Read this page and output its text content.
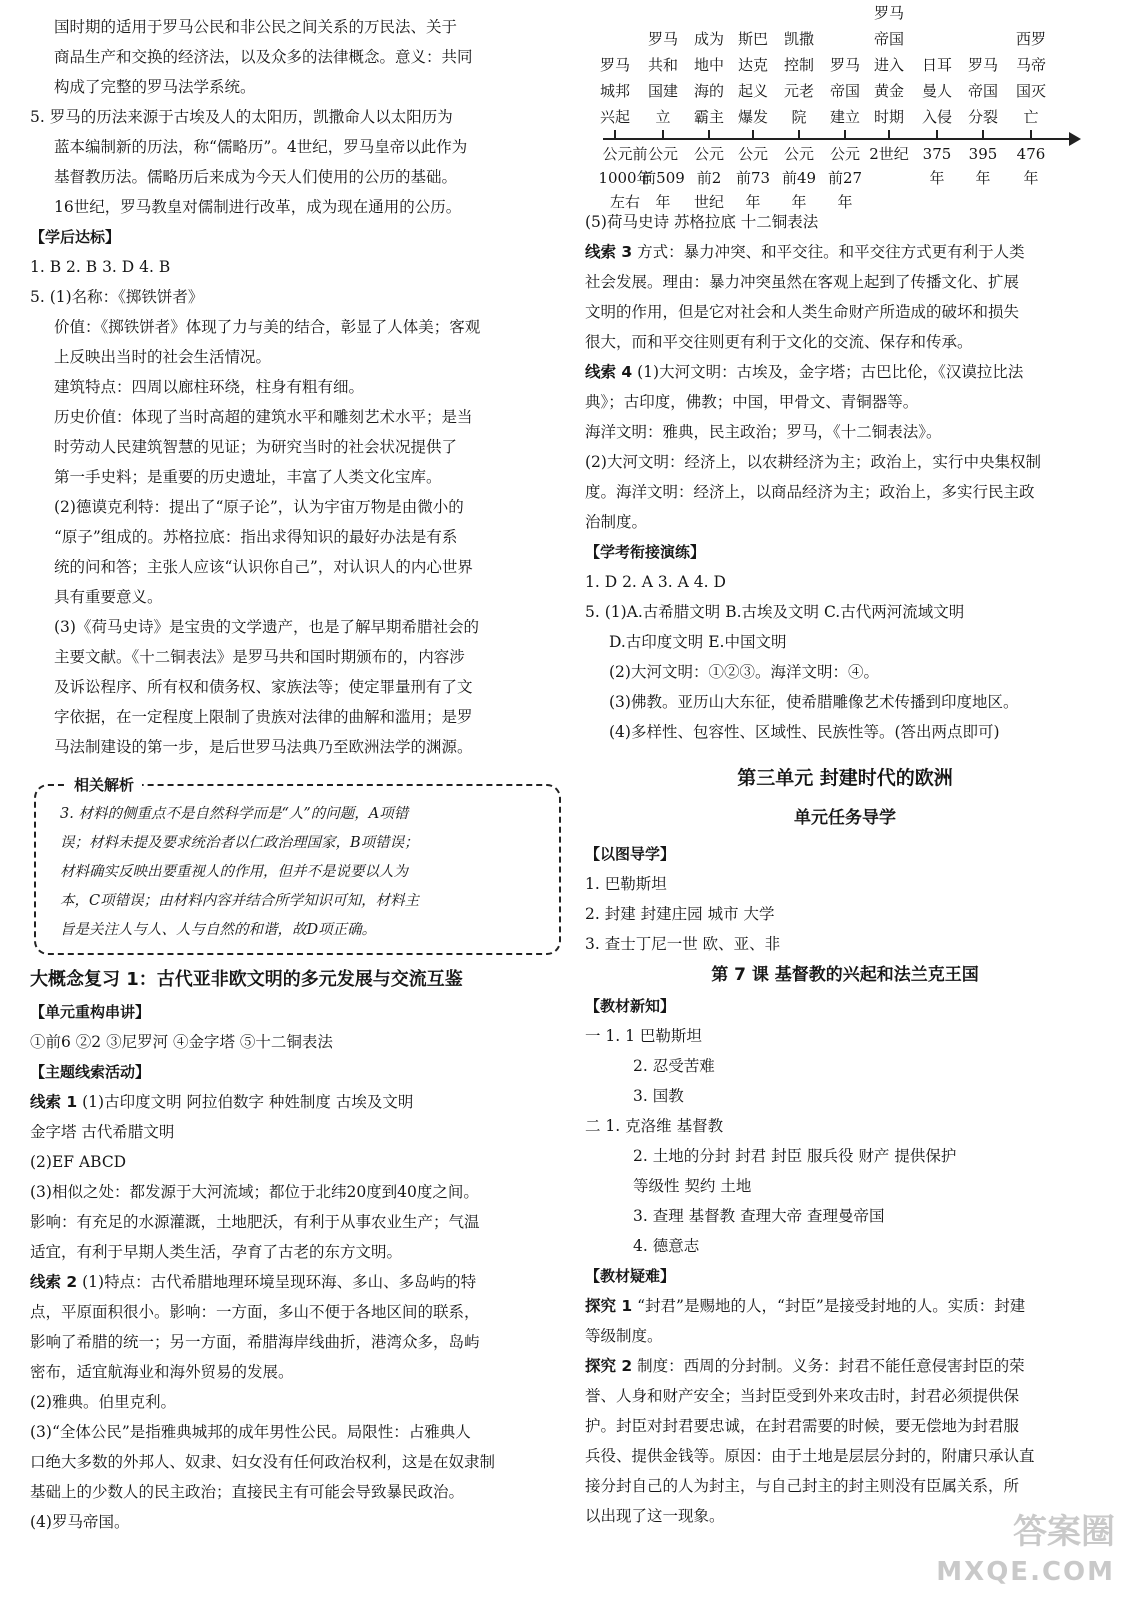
国时期的适用于罗马公民和非公民之间关系的万民法、关于

商品生产和交换的经济法，以及众多的法律概念。意义：共同

构成了完整的罗马法学系统。

5. 罗马的历法来源于古埃及人的太阳历，凯撒命人以太阳历为

蓝本编制新的历法，称“儒略历”。4世纪，罗马皇帝以此作为

基督教历法。儒略历后来成为今天人们使用的公历的基础。

16世纪，罗马教皇对儒制进行改革，成为现在通用的公历。

【学后达标】

1. B 2. B 3. D 4. B

5. (1)名称：《掷铁饼者》

价值：《掷铁饼者》体现了力与美的结合，彰显了人体美；客观

上反映出当时的社会生活情况。

建筑特点：四周以廊柱环绕，柱身有粗有细。

历史价值：体现了当时高超的建筑水平和雕刻艺术水平；是当

时劳动人民建筑智慧的见证；为研究当时的社会状况提供了

第一手史料；是重要的历史遗址，丰富了人类文化宝库。

(2)德谟克利特：提出了“原子论”，认为宇宙万物是由微小的

“原子”组成的。苏格拉底：指出求得知识的最好办法是有系

统的问和答；主张人应该“认识你自己”，对认识人的内心世界

具有重要意义。

(3)《荷马史诗》是宝贵的文学遗产，也是了解早期希腊社会的

主要文献。《十二铜表法》是罗马共和国时期颁布的，内容涉

及诉讼程序、所有权和债务权、家族法等；使定罪量刑有了文

字依据，在一定程度上限制了贵族对法律的曲解和滥用；是罗

马法制建设的第一步，是后世罗马法典乃至欧洲法学的渊源。

相关解析

3. 材料的侧重点不是自然科学而是“人”的问题，A项错

误；材料未提及要求统治者以仁政治理国家，B项错误；

材料确实反映出要重视人的作用，但并不是说要以人为

本，C项错误；由材料内容并结合所学知识可知，材料主

旨是关注人与人、人与自然的和谐，故D项正确。

大概念复习 1：古代亚非欧文明的多元发展与交流互鉴

【单元重构串讲】

①前6 ②2 ③尼罗河 ④金字塔 ⑤十二铜表法

【主题线索活动】

线索 1 (1)古印度文明 阿拉伯数字 种姓制度 古埃及文明

金字塔 古代希腊文明

(2)EF ABCD

(3)相似之处：都发源于大河流域；都位于北纬20度到40度之间。

影响：有充足的水源灌溉，土地肥沃，有利于从事农业生产；气温

适宜，有利于早期人类生活，孕育了古老的东方文明。

线索 2 (1)特点：古代希腊地理环境呈现环海、多山、多岛屿的特

点，平原面积很小。影响：一方面，多山不便于各地区间的联系，

影响了希腊的统一；另一方面，希腊海岸线曲折，港湾众多，岛屿

密布，适宜航海业和海外贸易的发展。

(2)雅典。伯里克利。

(3)“全体公民”是指雅典城邦的成年男性公民。局限性：占雅典人

口绝大多数的外邦人、奴隶、妇女没有任何政治权利，这是在奴隶制

基础上的少数人的民主政治；直接民主有可能会导致暴民政治。

(4)罗马帝国。

罗马
城邦
兴起
罗马
共和
国建
立
成为
地中
海的
霸主
斯巴
达克
起义
爆发
凯撒
控制
元老
院
罗马
帝国
建立
罗马
帝国
进入
黄金
时期
日耳
曼人
入侵
罗马
帝国
分裂
西罗
马帝
国灭
亡
公元前
1000年
左右
公元
前509
年
公元
前2
世纪
公元
前73
年
公元
前49
年
公元
前27
年
2世纪 375
年
395
年
476
年

(5)荷马史诗 苏格拉底 十二铜表法

线索 3 方式：暴力冲突、和平交往。和平交往方式更有利于人类

社会发展。理由：暴力冲突虽然在客观上起到了传播文化、扩展

文明的作用，但是它对社会和人类生命财产所造成的破坏和损失

很大，而和平交往则更有利于文化的交流、保存和传承。

线索 4 (1)大河文明：古埃及，金字塔；古巴比伦，《汉谟拉比法

典》；古印度，佛教；中国，甲骨文、青铜器等。

海洋文明：雅典，民主政治；罗马，《十二铜表法》。

(2)大河文明：经济上，以农耕经济为主；政治上，实行中央集权制

度。海洋文明：经济上，以商品经济为主；政治上，多实行民主政

治制度。

【学考衔接演练】

1. D 2. A 3. A 4. D

5. (1)A.古希腊文明 B.古埃及文明 C.古代两河流域文明

D.古印度文明 E.中国文明

(2)大河文明：①②③。海洋文明：④。

(3)佛教。亚历山大东征，使希腊雕像艺术传播到印度地区。

(4)多样性、包容性、区域性、民族性等。(答出两点即可)

第三单元 封建时代的欧洲

单元任务导学

【以图导学】

1. 巴勒斯坦

2. 封建 封建庄园 城市 大学

3. 查士丁尼一世 欧、亚、非

第 7 课 基督教的兴起和法兰克王国

【教材新知】

一 1. 1 巴勒斯坦

2. 忍受苦难

3. 国教

二 1. 克洛维 基督教

2. 土地的分封 封君 封臣 服兵役 财产 提供保护

等级性 契约 土地

3. 查理 基督教 查理大帝 查理曼帝国

4. 德意志

【教材疑难】

探究 1 “封君”是赐地的人，“封臣”是接受封地的人。实质：封建

等级制度。

探究 2 制度：西周的分封制。义务：封君不能任意侵害封臣的荣

誉、人身和财产安全；当封臣受到外来攻击时，封君必须提供保

护。封臣对封君要忠诚，在封君需要的时候，要无偿地为封君服

兵役、提供金钱等。原因：由于土地是层层分封的，附庸只承认直

接分封自己的人为封主，与自己封主的封主则没有臣属关系，所

以出现了这一现象。	答案圈
MXQE.COM
